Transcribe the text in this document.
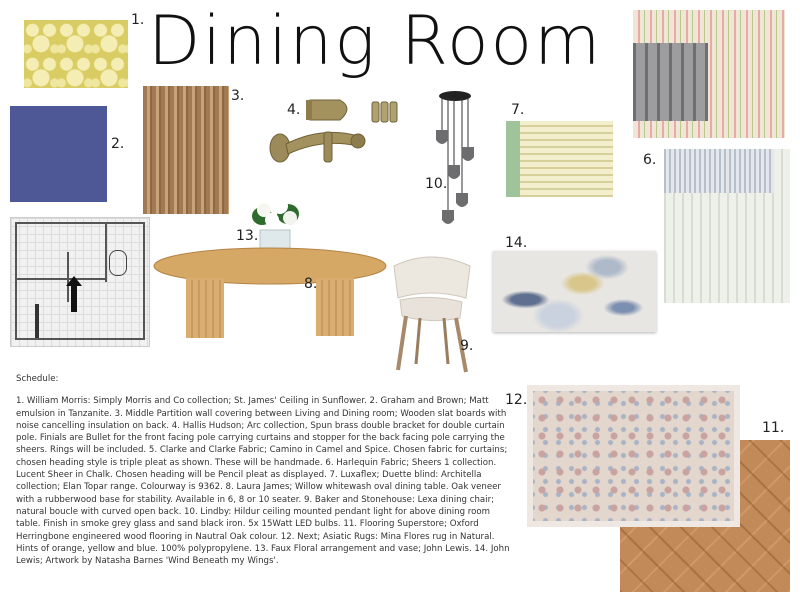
Dining Room
1.
2.
3.
4.
10.
7.
6.
13.
8.
9.
14.
12.
11.

Schedule:

1. William Morris: Simply Morris and Co collection; St. James' Ceiling in Sunflower. 2. Graham and Brown; Matt emulsion in Tanzanite. 3. Middle Partition wall covering between Living and Dining room; Wooden slat boards with noise cancelling insulation on back. 4. Hallis Hudson; Arc collection, Spun brass double bracket for double curtain pole. Finials are Bullet for the front facing pole carrying curtains and stopper for the back facing pole carrying the sheers. Rings will be included. 5. Clarke and Clarke Fabric; Camino in Camel and Spice. Chosen fabric for curtains; chosen heading style is triple pleat as shown. These will be handmade. 6. Harlequin Fabric; Sheers 1 collection. Lucent Sheer in Chalk. Chosen heading will be Pencil pleat as displayed. 7. Luxaflex; Duette blind: Architella collection; Elan Topar range. Colourway is 9362. 8. Laura James; Willow whitewash oval dining table. Oak veneer with a rubberwood base for stability. Available in 6, 8 or 10 seater. 9. Baker and Stonehouse: Lexa dining chair; natural boucle with curved open back. 10. Lindby: Hildur ceiling mounted pendant light for above dining room table. Finish in smoke grey glass and sand black iron. 5x 15Watt LED bulbs. 11. Flooring Superstore; Oxford Herringbone engineered wood flooring in Nautral Oak colour. 12. Next; Asiatic Rugs: Mina Flores rug in Natural. Hints of orange, yellow and blue. 100% polypropylene. 13. Faux Floral arrangement and vase; John Lewis. 14. John Lewis; Artwork by Natasha Barnes 'Wind Beneath my Wings'.
